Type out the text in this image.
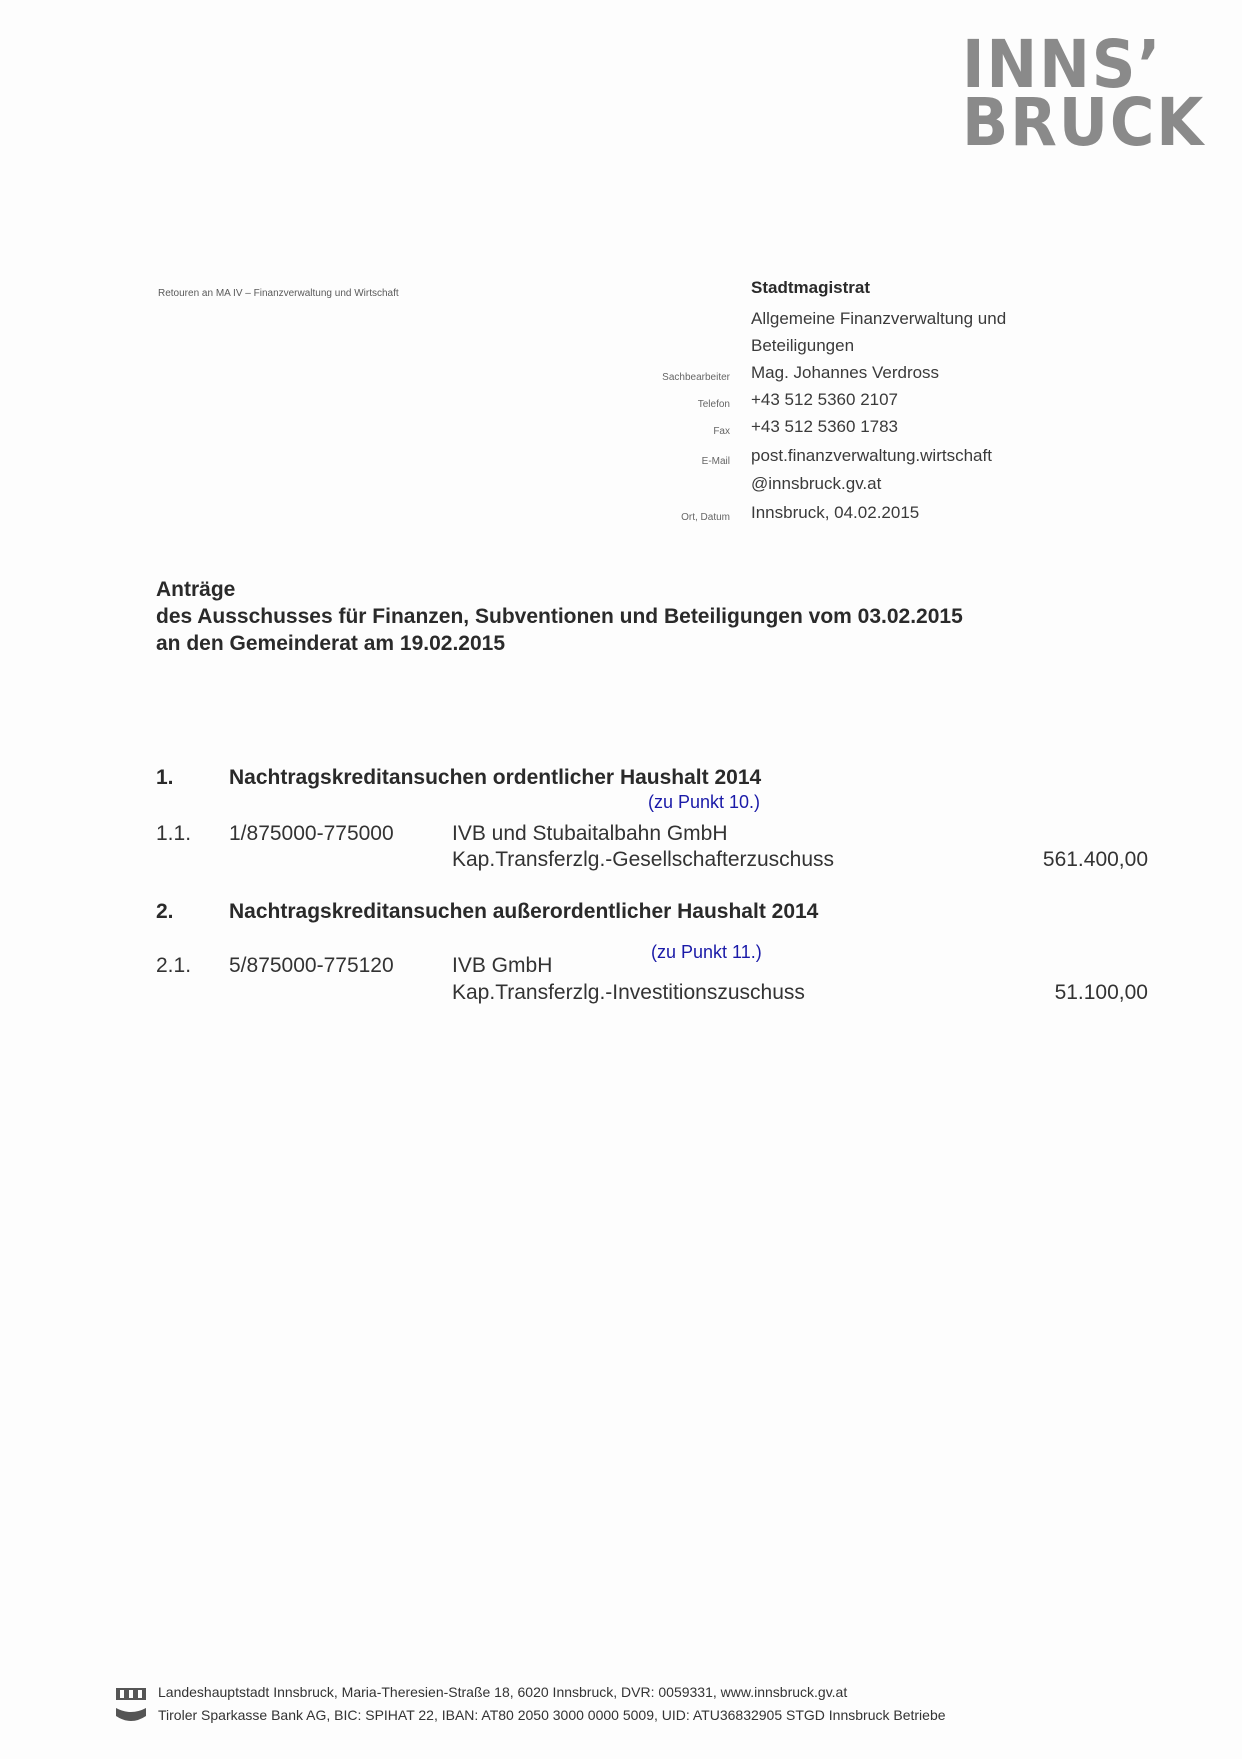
INNS’
BRUCK
Retouren an MA IV – Finanzverwaltung und Wirtschaft	Stadtmagistrat
Allgemeine Finanzverwaltung und
Beteiligungen
Sachbearbeiter Mag. Johannes Verdross
Telefon +43 512 5360 2107
Fax +43 512 5360 1783
E-Mail post.finanzverwaltung.wirtschaft
@innsbruck.gv.at
Ort, Datum Innsbruck, 04.02.2015
Anträge
des Ausschusses für Finanzen, Subventionen und Beteiligungen vom 03.02.2015
an den Gemeinderat am 19.02.2015
1.	Nachtragskreditansuchen ordentlicher Haushalt 2014
(zu Punkt 10.)
1.1. 1/875000-775000	IVB und Stubaitalbahn GmbH
Kap.Transferzlg.-Gesellschafterzuschuss	561.400,00
2.	Nachtragskreditansuchen außerordentlicher Haushalt 2014
(zu Punkt 11.)
2.1. 5/875000-775120	IVB GmbH
Kap.Transferzlg.-Investitionszuschuss	51.100,00
Landeshauptstadt Innsbruck, Maria-Theresien-Straße 18, 6020 Innsbruck, DVR: 0059331, www.innsbruck.gv.at
Tiroler Sparkasse Bank AG, BIC: SPIHAT 22, IBAN: AT80 2050 3000 0000 5009, UID: ATU36832905 STGD Innsbruck Betriebe
